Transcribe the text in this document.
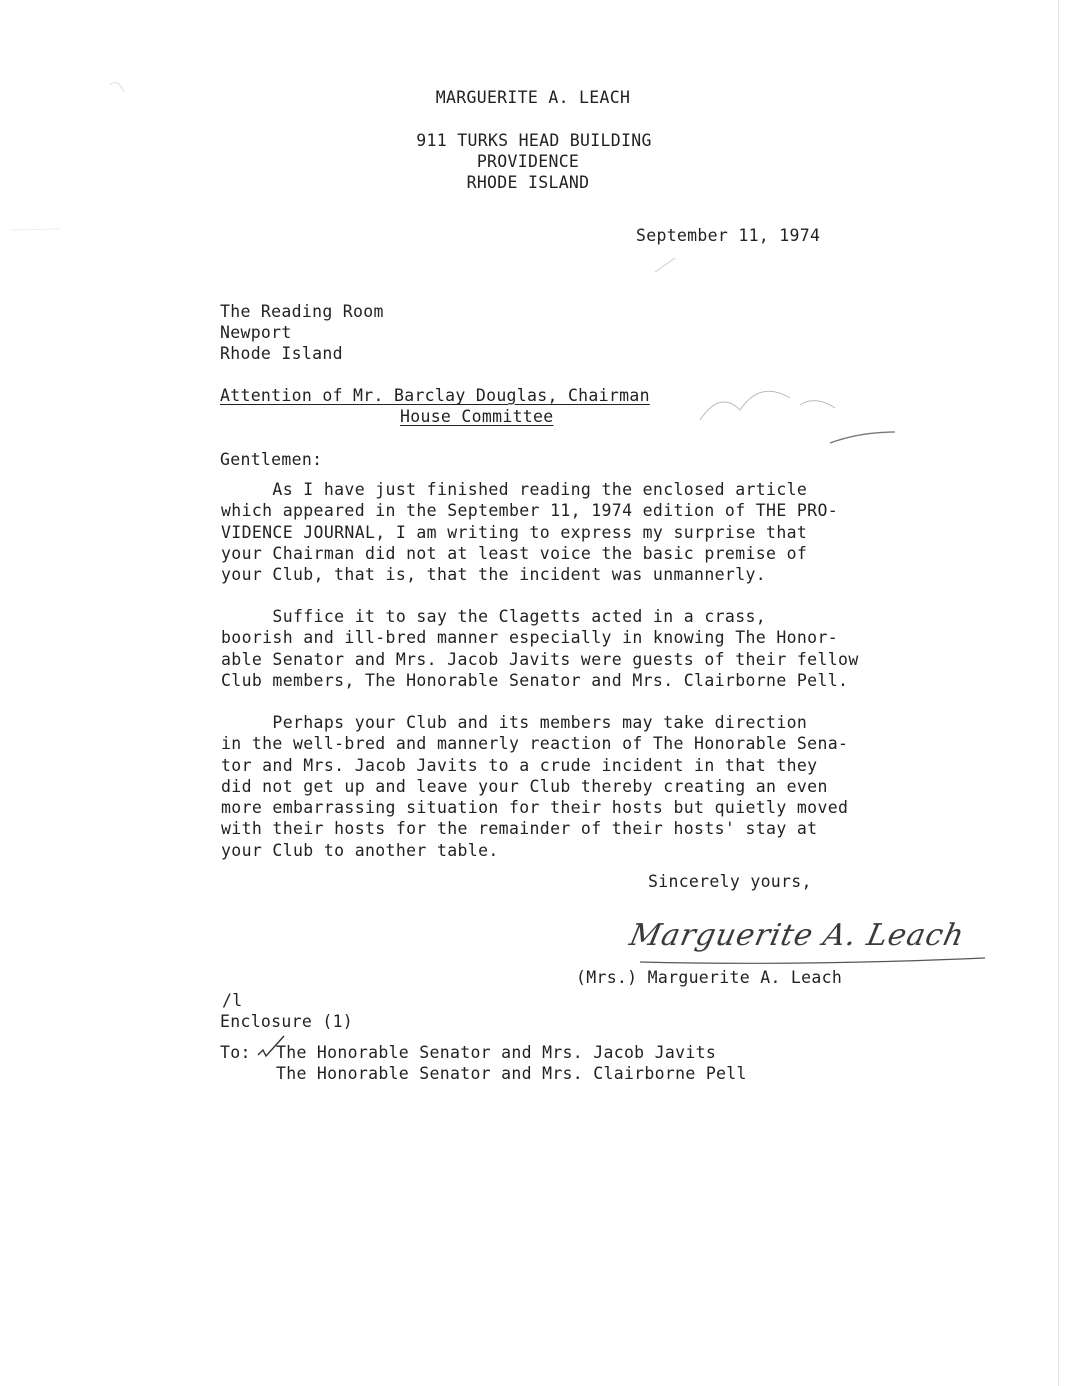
MARGUERITE A. LEACH
911 TURKS HEAD BUILDING
PROVIDENCE
RHODE ISLAND
September 11, 1974
The Reading Room
Newport
Rhode Island
Attention of Mr. Barclay Douglas, Chairman
House Committee
Gentlemen:
As I have just finished reading the enclosed article
which appeared in the September 11, 1974 edition of THE PRO-
VIDENCE JOURNAL, I am writing to express my surprise that
your Chairman did not at least voice the basic premise of
your Club, that is, that the incident was unmannerly.
Suffice it to say the Clagetts acted in a crass,
boorish and ill-bred manner especially in knowing The Honor-
able Senator and Mrs. Jacob Javits were guests of their fellow
Club members, The Honorable Senator and Mrs. Clairborne Pell.
Perhaps your Club and its members may take direction
in the well-bred and mannerly reaction of The Honorable Sena-
tor and Mrs. Jacob Javits to a crude incident in that they
did not get up and leave your Club thereby creating an even
more embarrassing situation for their hosts but quietly moved
with their hosts for the remainder of their hosts' stay at
your Club to another table.
Sincerely yours,
Marguerite A. Leach
(Mrs.) Marguerite A. Leach
/l
Enclosure (1)
To: The Honorable Senator and Mrs. Jacob Javits
The Honorable Senator and Mrs. Clairborne Pell
